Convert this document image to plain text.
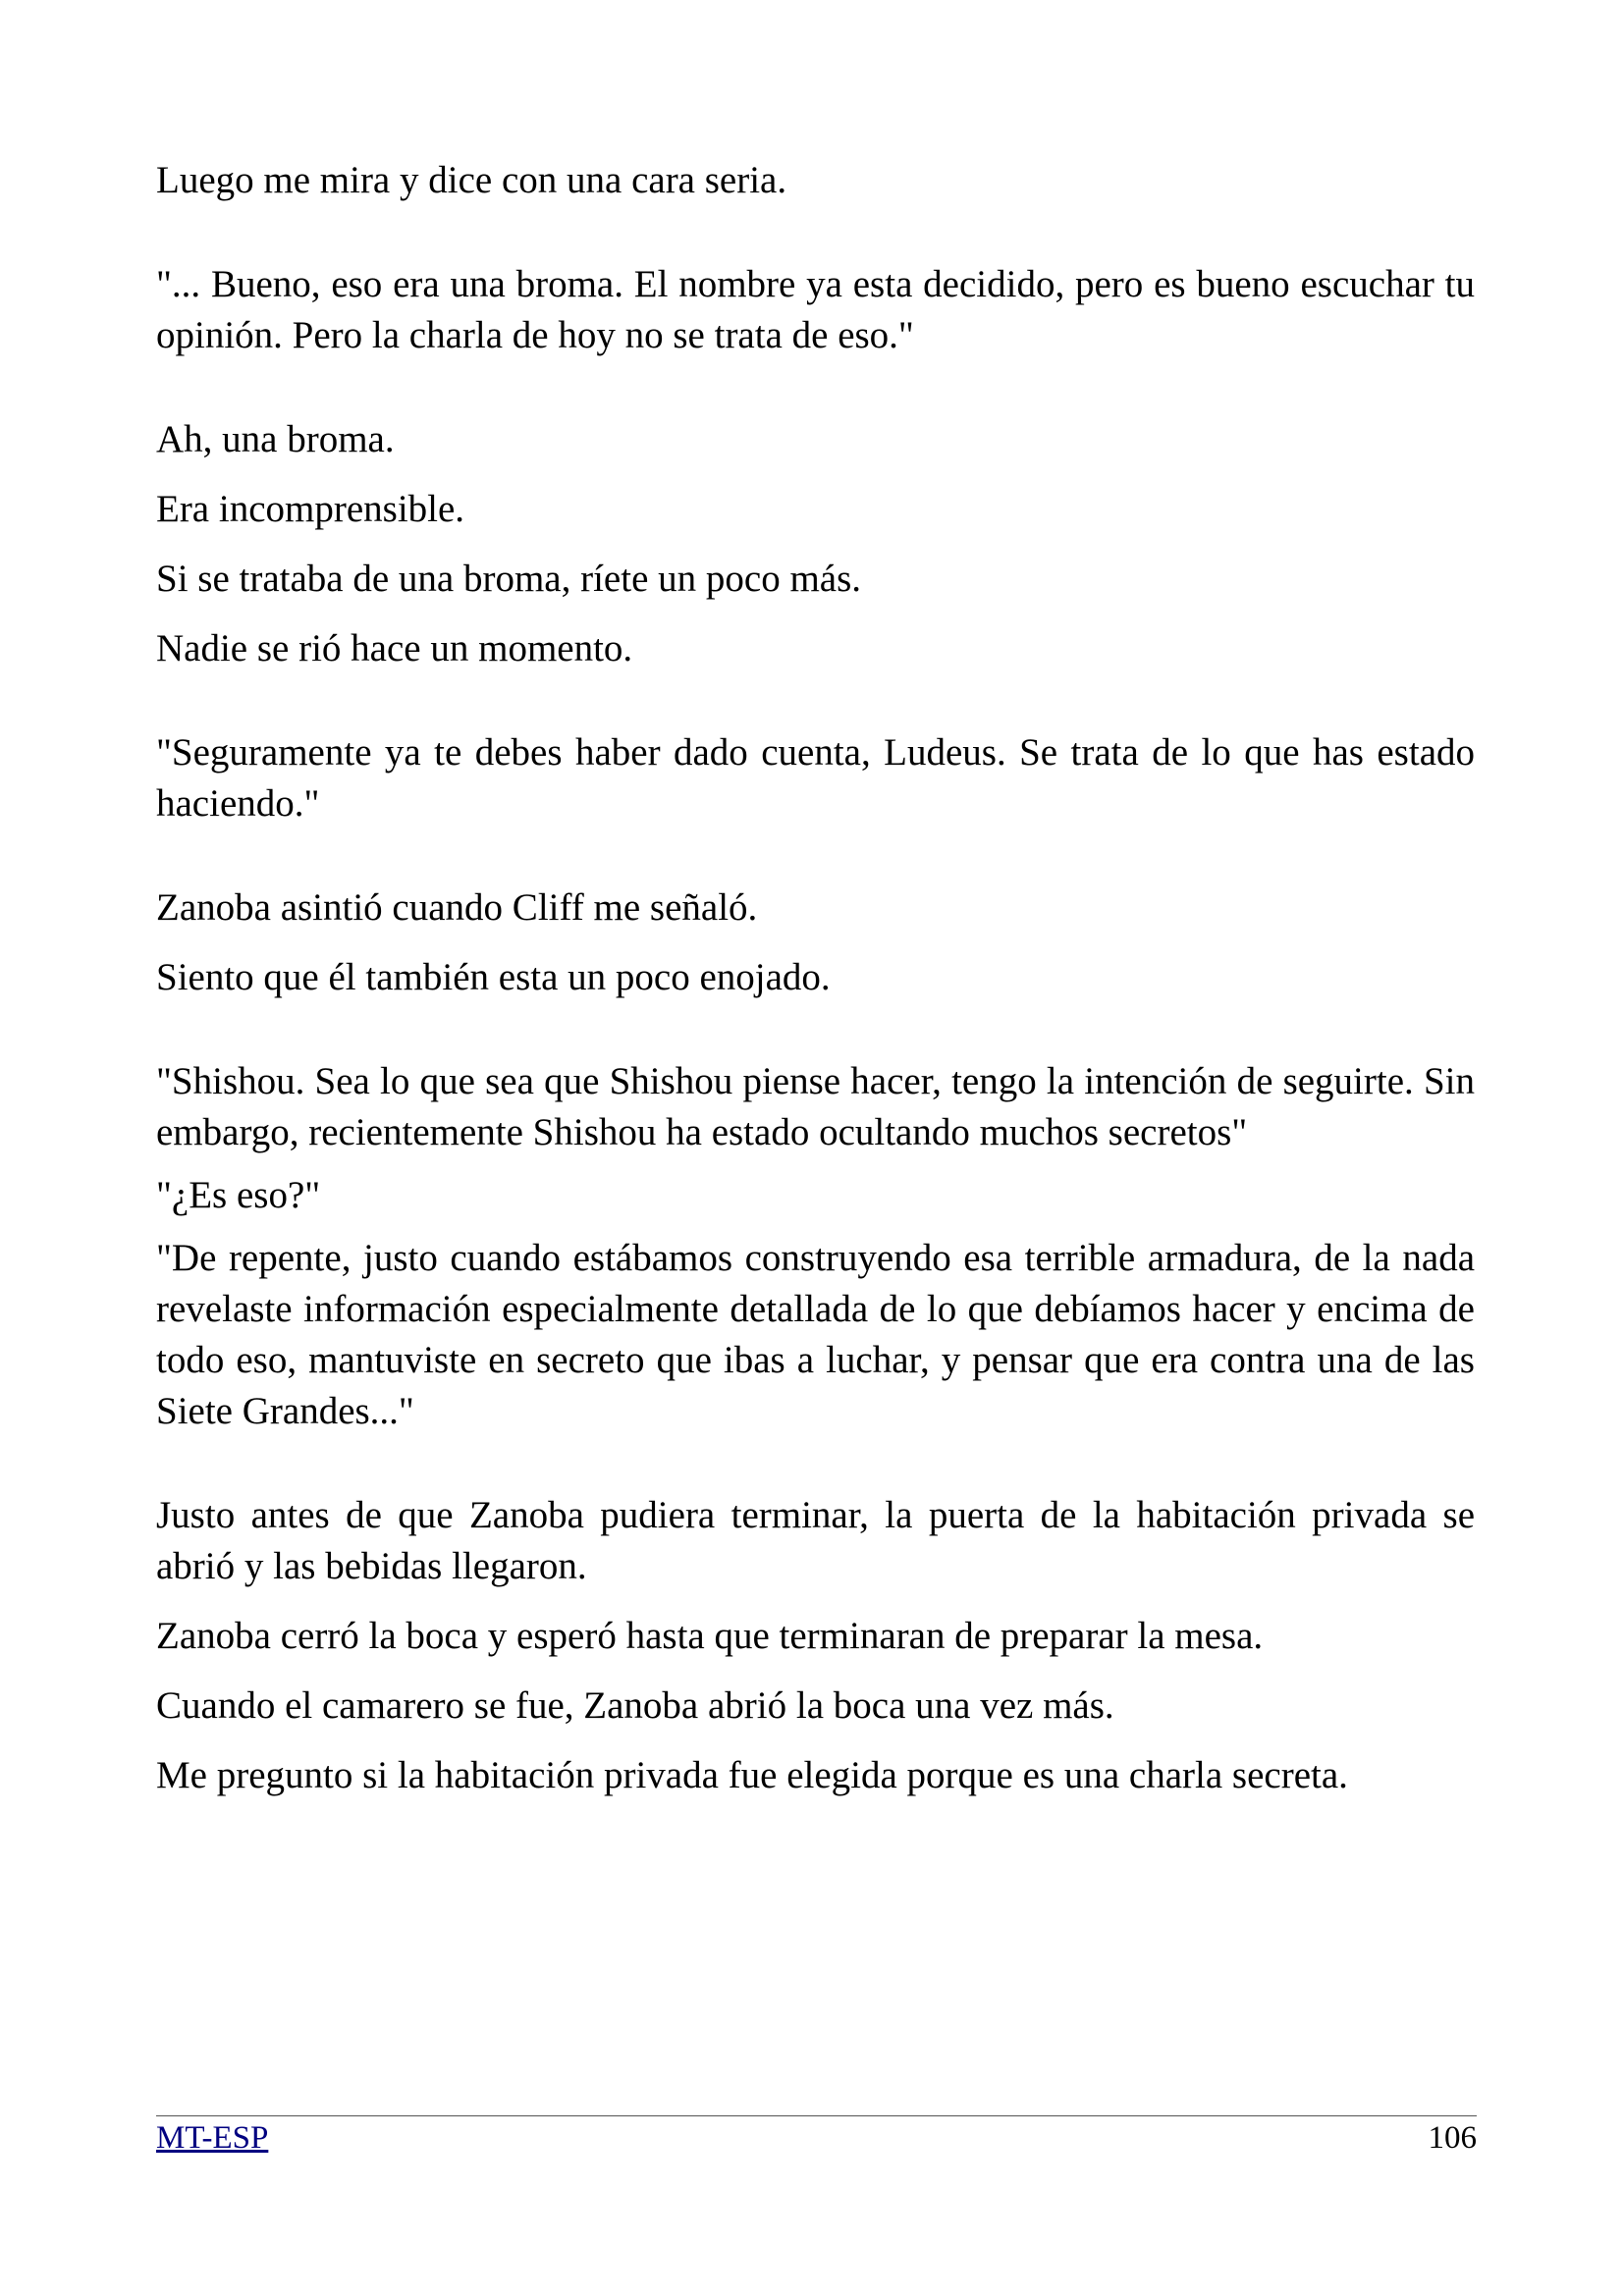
Luego me mira y dice con una cara seria.

"... Bueno, eso era una broma. El nombre ya esta decidido, pero es bueno escuchar tu opinión. Pero la charla de hoy no se trata de eso."

Ah, una broma.

Era incomprensible.

Si se trataba de una broma, ríete un poco más.

Nadie se rió hace un momento.

"Seguramente ya te debes haber dado cuenta, Ludeus. Se trata de lo que has estado haciendo."

Zanoba asintió cuando Cliff me señaló.

Siento que él también esta un poco enojado.

"Shishou. Sea lo que sea que Shishou piense hacer, tengo la intención de seguirte. Sin embargo, recientemente Shishou ha estado ocultando muchos secretos"

"¿Es eso?"

"De repente, justo cuando estábamos construyendo esa terrible armadura, de la nada revelaste información especialmente detallada de lo que debíamos hacer y encima de todo eso, mantuviste en secreto que ibas a luchar, y pensar que era contra una de las Siete Grandes..."

Justo antes de que Zanoba pudiera terminar, la puerta de la habitación privada se abrió y las bebidas llegaron.

Zanoba cerró la boca y esperó hasta que terminaran de preparar la mesa.

Cuando el camarero se fue, Zanoba abrió la boca una vez más.

Me pregunto si la habitación privada fue elegida porque es una charla secreta.

MT-ESP	106
